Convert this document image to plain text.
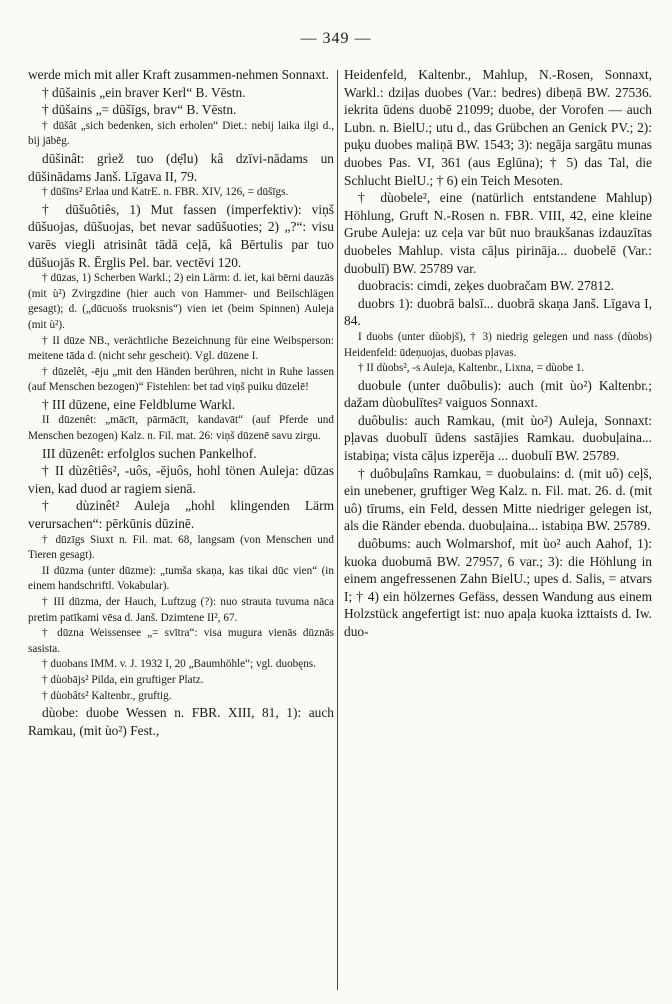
— 349 —

werde mich mit aller Kraft zusammen-nehmen Sonnaxt.

† dūšainis „ein braver Kerl“ B. Vēstn.

† dūšains „= dūšīgs, brav“ B. Vēstn.

† dūšât „sich bedenken, sich erholen“ Diet.: nebij laika ilgi d., bij jābēg.

dūšinât: grìež tuo (dẹ̄lu) kâ dzīvi-nādams un dūšinādams Janš. Līgava II, 79.

† dūšīns² Erlaa und KatrE. n. FBR. XIV, 126, = dūšīgs.

† dūšuôtiês, 1) Mut fassen (imperfektiv): viņš dūšuojas, dūšuojas, bet nevar sadūšuoties; 2) „?“: visu varēs viegli atrisinât tādā ceļā, kâ Bērtulis par tuo dūšuojās R. Ērglis Pel. bar. vectēvi 120.

† dūzas, 1) Scherben Warkl.; 2) ein Lärm: d. iet, kai bērni dauzās (mit ù²) Zvirgzdine (hier auch von Hammer- und Beilschlägen gesagt); d. („dūcuošs truoksnis“) vien iet (beim Spinnen) Auleja (mit ù²).

† II dūze NB., verächtliche Bezeichnung für eine Weibsperson: meitene tāda d. (nicht sehr gescheit). Vgl. dūzene I.

† dūzelêt, -ēju „mit den Händen berühren, nicht in Ruhe lassen (auf Menschen bezogen)“ Fistehlen: bet tad viņš puiku dūzelē!

† III dūzene, eine Feldblume Warkl.

II dūzenêt: „mācīt, pārmācīt, kandavāt“ (auf Pferde und Menschen bezogen) Kalz. n. Fil. mat. 26: viņš dūzenē savu zirgu.

III dūzenêt: erfolglos suchen Pankelhof.

† II dùzêtiês², -uôs, -ējuôs, hohl tönen Auleja: dūzas vien, kad duod ar ragiem sienā.

† dùzinêt² Auleja „hohl klingenden Lärm verursachen“: pērkūnis dūzinē.

† dūzīgs Siuxt n. Fil. mat. 68, langsam (von Menschen und Tieren gesagt).

II dūzma (unter dūzme): „tumša skaņa, kas tikai dūc vien“ (in einem handschriftl. Vokabular).

† III dūzma, der Hauch, Luftzug (?): nuo strauta tuvuma nāca pretim patīkami vēsa d. Janš. Dzimtene II², 67.

† dūzna Weissensee „= svītra“: visa mugura vienās dūznās sasista.

† duobans IMM. v. J. 1932 I, 20 „Baumhöhle“; vgl. duobęns.

† dùobājs² Pilda, ein gruftiger Platz.

† dùobâts² Kaltenbr., gruftig.

dùobe: duobe Wessen n. FBR. XIII, 81, 1): auch Ramkau, (mit ùo²) Fest.,

Heidenfeld, Kaltenbr., Mahlup, N.-Rosen, Sonnaxt, Warkl.: dziļas duobes (Var.: bedres) dibeņā BW. 27536. iekrita ūdens duobē 21099; duobe, der Vorofen — auch Lubn. n. BielU.; utu d., das Grübchen an Genick PV.; 2): puķu duobes maliņā BW. 1543; 3): negāja sargātu munas duobes Pas. VI, 361 (aus Eglūna); † 5) das Tal, die Schlucht BielU.; † 6) ein Teich Mesoten.

† dùobele², eine (natürlich entstandene Mahlup) Höhlung, Gruft N.-Rosen n. FBR. VIII, 42, eine kleine Grube Auleja: uz ceļa var būt nuo braukšanas izdauzītas duobeles Mahlup. vista cāļus pirināja... duobelē (Var.: duobulī) BW. 25789 var.

duobracis: cimdi, zeķes duobračam BW. 27812.

duobrs 1): duobrā balsī... duobrā skaņa Janš. Līgava I, 84.

I duobs (unter dùobjš), † 3) niedrig gelegen und nass (dùobs) Heidenfeld: ūdeņuojas, duobas pļavas.

† II dùobs², -s Auleja, Kaltenbr., Lixna, = dùobe 1.

duobule (unter duôbulis): auch (mit ùo²) Kaltenbr.; dažam dùobulītes² vaiguos Sonnaxt.

duôbulis: auch Ramkau, (mit ùo²) Auleja, Sonnaxt: pļavas duobulī ūdens sastājies Ramkau. duobuļaina... istabiņa; vista cāļus izperēja ... duobulī BW. 25789.

† duôbuļaîns Ramkau, = duobulains: d. (mit uô) ceļš, ein unebener, gruftiger Weg Kalz. n. Fil. mat. 26. d. (mit uô) tīrums, ein Feld, dessen Mitte niedriger gelegen ist, als die Ränder ebenda. duobuļaina... istabiņa BW. 25789.

duôbums: auch Wolmarshof, mit ùo² auch Aahof, 1): kuoka duobumā BW. 27957, 6 var.; 3): die Höhlung in einem angefressenen Zahn BielU.; upes d. Salis, = atvars I; † 4) ein hölzernes Gefäss, dessen Wandung aus einem Holzstück angefertigt ist: nuo apaļa kuoka izttaists d. Iw. duo-
